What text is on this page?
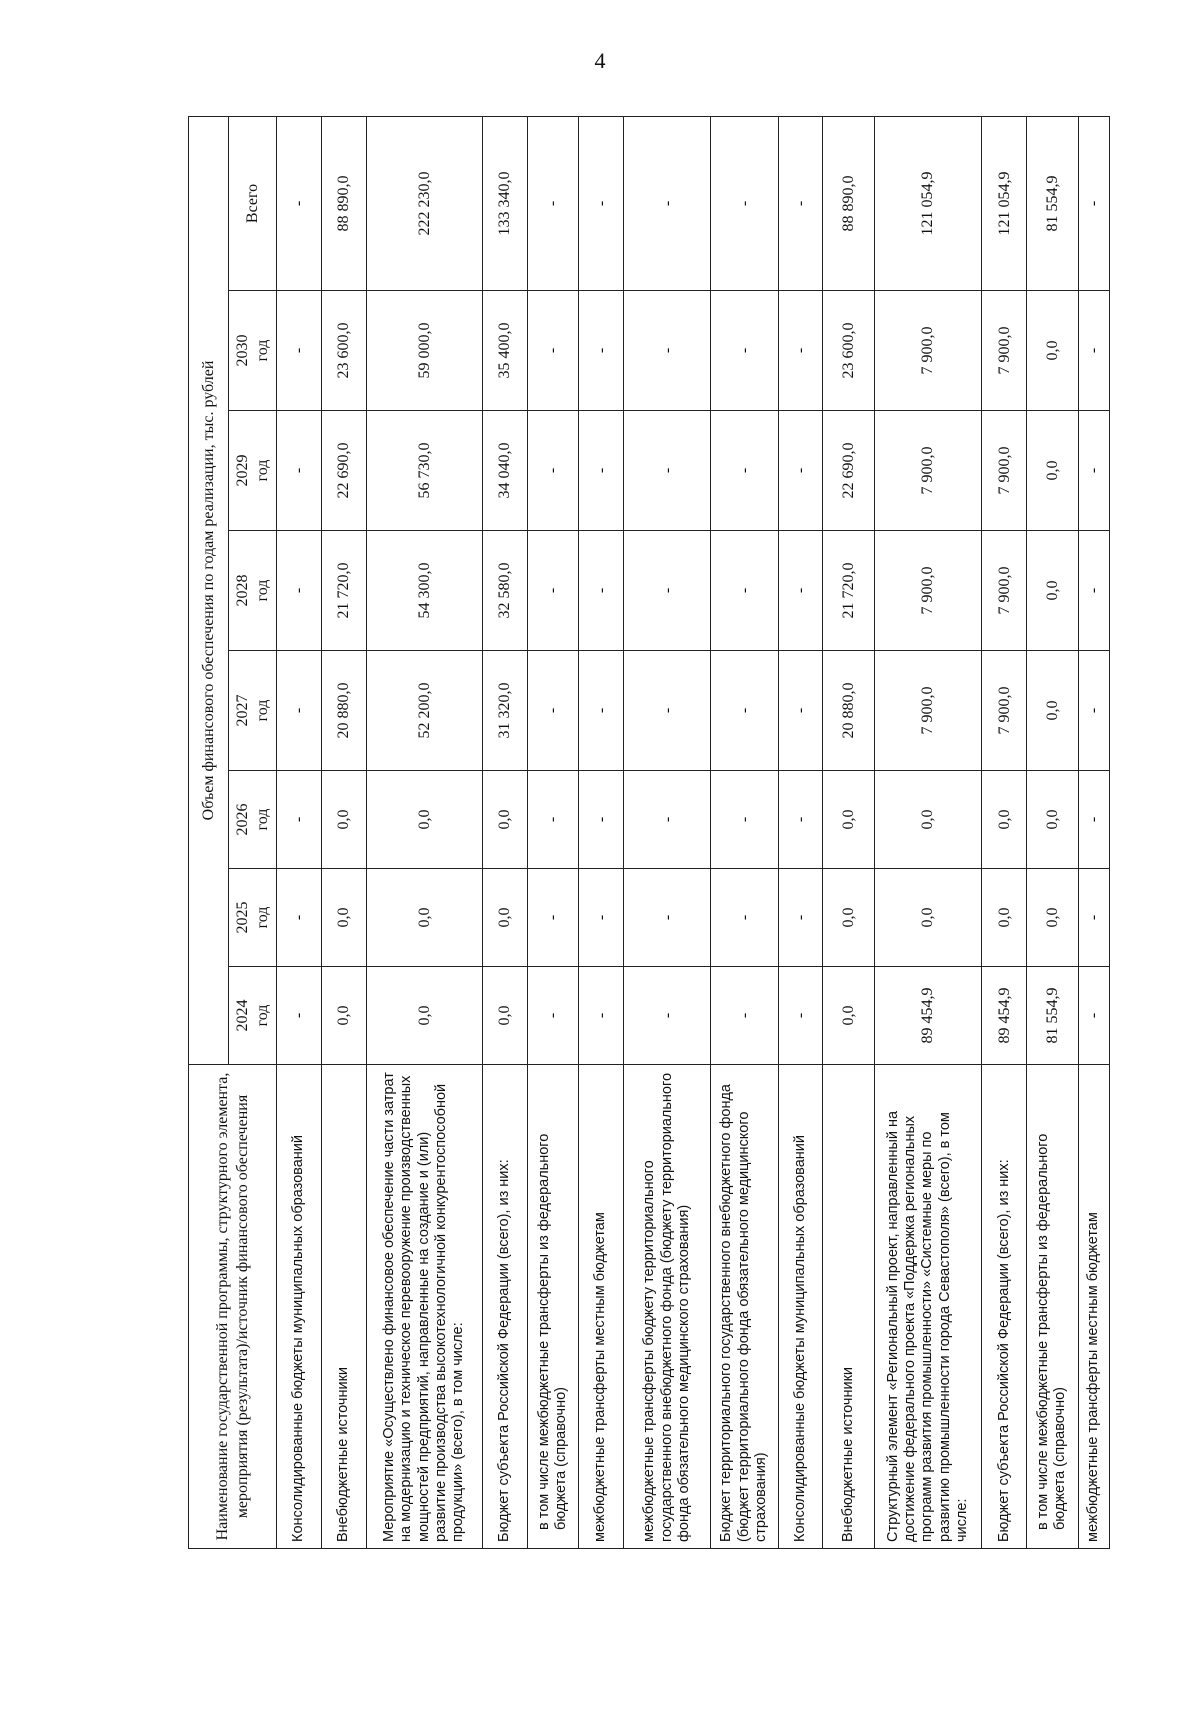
4
Наименование государственной программы, структурного элемента, мероприятия (результата)/источник финансового обеспечения	Объем финансового обеспечения по годам реализации, тыс. рублей							

	2024 год	2025 год	2026 год	2027 год	2028 год	2029 год	2030 год	Всего
Консолидированные бюджеты муниципальных образований	-	-	-	-	-	-	-	-
Внебюджетные источники	0,0	0,0	0,0	20 880,0	21 720,0	22 690,0	23 600,0	88 890,0
Мероприятие «Осуществлено финансовое обеспечение части затрат на модернизацию и техническое перевооружение производственных мощностей предприятий, направленные на создание и (или) развитие производства высокотехнологичной конкурентоспособной продукции» (всего), в том числе:	0,0	0,0	0,0	52 200,0	54 300,0	56 730,0	59 000,0	222 230,0
Бюджет субъекта Российской Федерации (всего), из них:	0,0	0,0	0,0	31 320,0	32 580,0	34 040,0	35 400,0	133 340,0
в том числе межбюджетные трансферты из федерального бюджета (справочно)	-	-	-	-	-	-	-	-
межбюджетные трансферты местным бюджетам	-	-	-	-	-	-	-	-
межбюджетные трансферты бюджету территориального государственного внебюджетного фонда (бюджету территориального фонда обязательного медицинского страхования)	-	-	-	-	-	-	-	-
Бюджет территориального государственного внебюджетного фонда (бюджет территориального фонда обязательного медицинского страхования)	-	-	-	-	-	-	-	-
Консолидированные бюджеты муниципальных образований	-	-	-	-	-	-	-	-
Внебюджетные источники	0,0	0,0	0,0	20 880,0	21 720,0	22 690,0	23 600,0	88 890,0
Структурный элемент «Региональный проект, направленный на достижение федерального проекта «Поддержка региональных программ развития промышленности» «Системные меры по развитию промышленности города Севастополя» (всего), в том числе:	89 454,9	0,0	0,0	7 900,0	7 900,0	7 900,0	7 900,0	121 054,9
Бюджет субъекта Российской Федерации (всего), из них:	89 454,9	0,0	0,0	7 900,0	7 900,0	7 900,0	7 900,0	121 054,9
в том числе межбюджетные трансферты из федерального бюджета (справочно)	81 554,9	0,0	0,0	0,0	0,0	0,0	0,0	81 554,9
межбюджетные трансферты местным бюджетам	-	-	-	-	-	-	-	-
